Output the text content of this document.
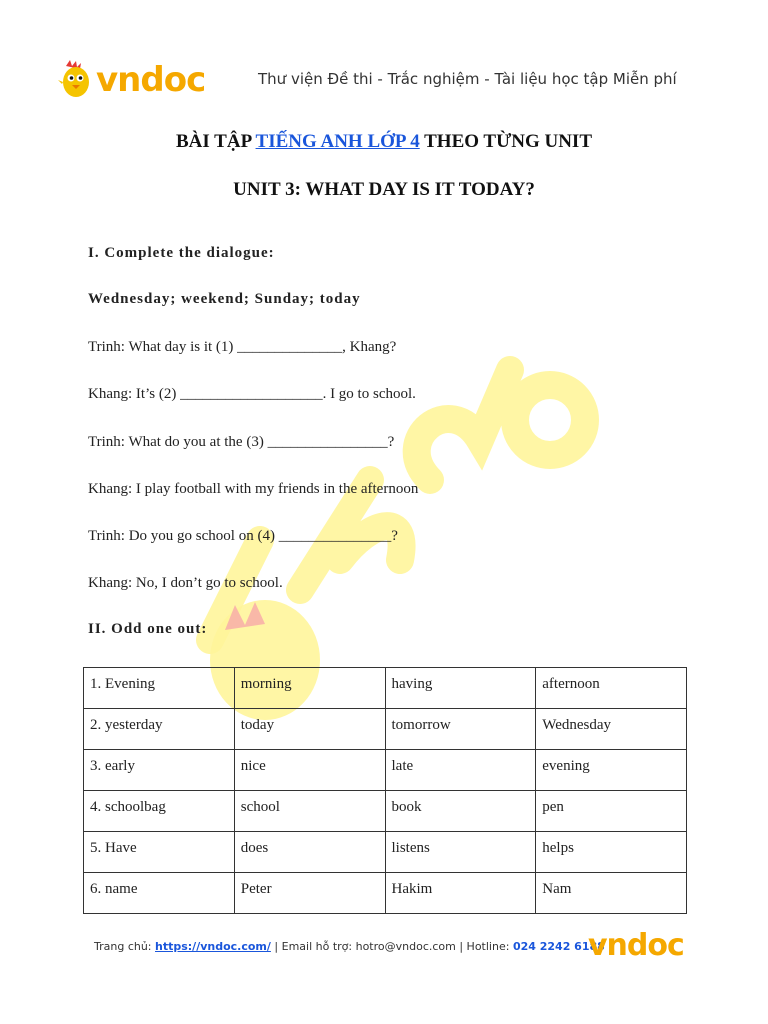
vndoc	Thư viện Đề thi - Trắc nghiệm - Tài liệu học tập Miễn phí
BÀI TẬP TIẾNG ANH LỚP 4 THEO TỪNG UNIT
UNIT 3: WHAT DAY IS IT TODAY?
I. Complete the dialogue:
Wednesday; weekend; Sunday; today
Trinh: What day is it (1) ______________, Khang?
Khang: It’s (2) ___________________. I go to school.
Trinh: What do you at the (3) ________________?
Khang: I play football with my friends in the afternoon
Trinh: Do you go school on (4) _______________?
Khang: No, I don’t go to school.
II. Odd one out:
1. Evening	morning	having	afternoon
2. yesterday	today	tomorrow	Wednesday
3. early	nice	late	evening
4. schoolbag	school	book	pen
5. Have	does	listens	helps
6. name	Peter	Hakim	Nam
Trang chủ: https://vndoc.com/ | Email hỗ trợ: hotro@vndoc.com | Hotline: 024 2242 6188
vndoc
